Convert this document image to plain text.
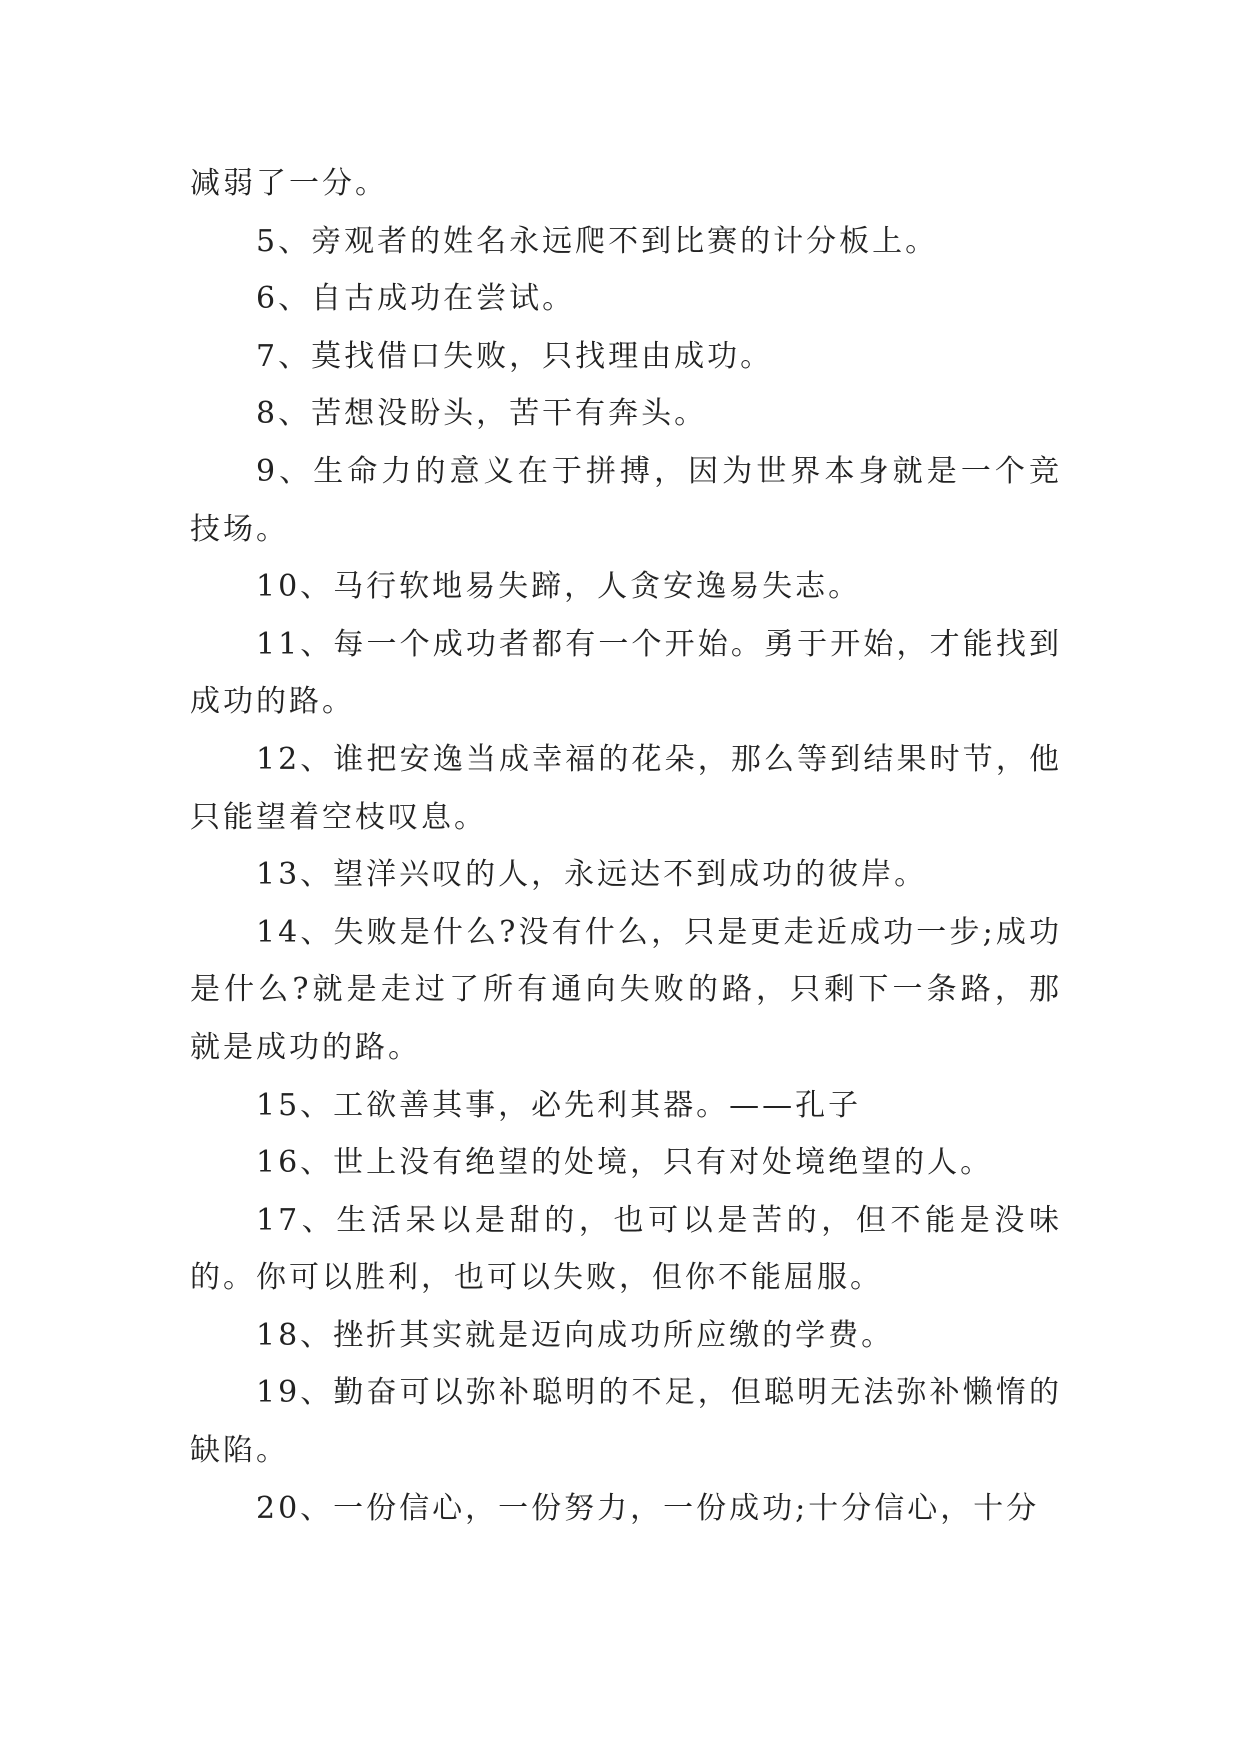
减弱了一分。

5、旁观者的姓名永远爬不到比赛的计分板上。

6、自古成功在尝试。

7、莫找借口失败，只找理由成功。

8、苦想没盼头，苦干有奔头。

9、生命力的意义在于拼搏，因为世界本身就是一个竞技场。

10、马行软地易失蹄，人贪安逸易失志。

11、每一个成功者都有一个开始。勇于开始，才能找到成功的路。

12、谁把安逸当成幸福的花朵，那么等到结果时节，他只能望着空枝叹息。

13、望洋兴叹的人，永远达不到成功的彼岸。

14、失败是什么?没有什么，只是更走近成功一步;成功是什么?就是走过了所有通向失败的路，只剩下一条路，那就是成功的路。

15、工欲善其事，必先利其器。——孔子

16、世上没有绝望的处境，只有对处境绝望的人。

17、生活呆以是甜的，也可以是苦的，但不能是没味的。你可以胜利，也可以失败，但你不能屈服。

18、挫折其实就是迈向成功所应缴的学费。

19、勤奋可以弥补聪明的不足，但聪明无法弥补懒惰的缺陷。

20、一份信心，一份努力，一份成功;十分信心，十分
